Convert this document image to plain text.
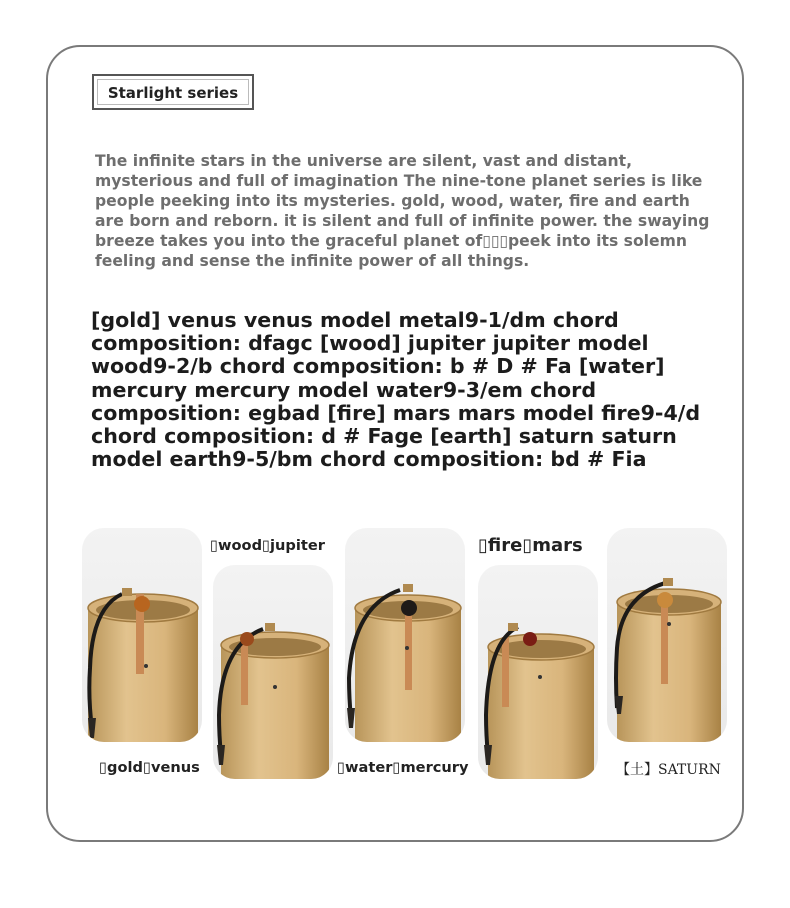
Starlight series

The infinite stars in the universe are silent, vast and distant, mysterious and full of imagination The nine-tone planet series is like people peeking into its mysteries. gold, wood, water, fire and earth are born and reborn. it is silent and full of infinite power. the swaying breeze takes you into the graceful planet of▯▯▯peek into its solemn feeling and sense the infinite power of all things.

[gold] venus venus model metal9-1/dm chord composition: dfagc [wood] jupiter jupiter model wood9-2/b chord composition: b # D # Fa [water] mercury mercury model water9-3/em chord composition: egbad [fire] mars mars model fire9-4/d chord composition: d # Fage [earth] saturn saturn model earth9-5/bm chord composition: bd # Fia

▯gold▯venus
▯wood▯jupiter
▯water▯mercury
▯fire▯mars
【土】SATURN
